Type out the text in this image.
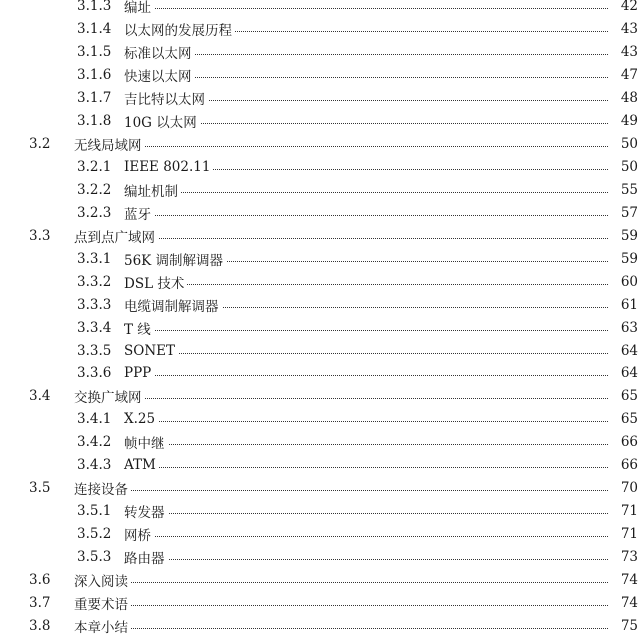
3.1.3 编址	42
3.1.4 以太网的发展历程	43
3.1.5 标准以太网	43
3.1.6 快速以太网	47
3.1.7 吉比特以太网	48
3.1.8 10G 以太网	49
3.2 无线局域网	50
3.2.1 IEEE 802.11	50
3.2.2 编址机制	55
3.2.3 蓝牙	57
3.3 点到点广域网	59
3.3.1 56K 调制解调器	59
3.3.2 DSL 技术	60
3.3.3 电缆调制解调器	61
3.3.4 T 线	63
3.3.5 SONET	64
3.3.6 PPP	64
3.4 交换广域网	65
3.4.1 X.25	65
3.4.2 帧中继	66
3.4.3 ATM	66
3.5 连接设备	70
3.5.1 转发器	71
3.5.2 网桥	71
3.5.3 路由器	73
3.6 深入阅读	74
3.7 重要术语	74
3.8 本章小结	75
